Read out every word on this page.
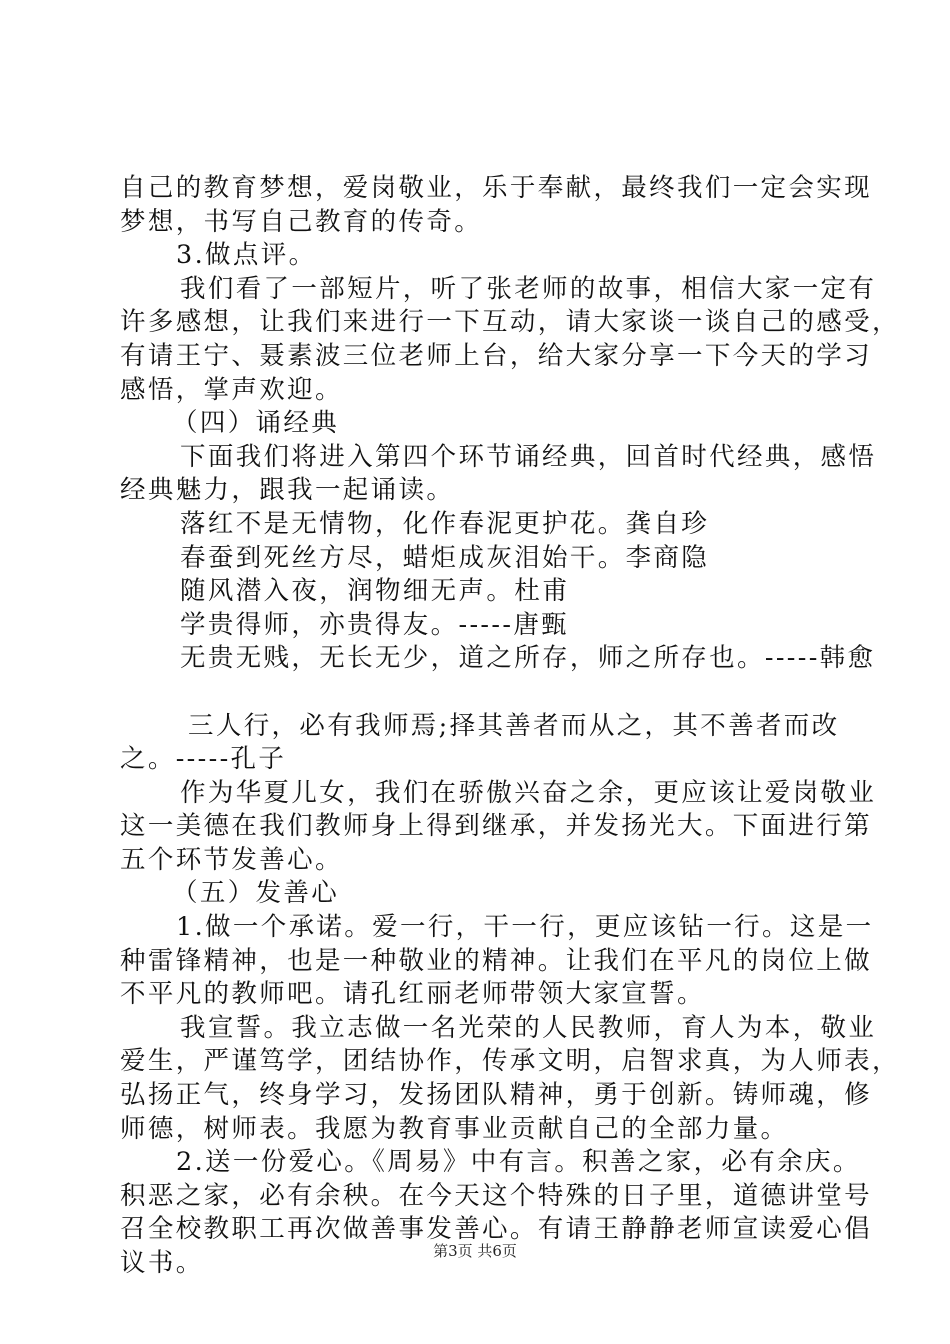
自己的教育梦想，爱岗敬业，乐于奉献，最终我们一定会实现
梦想，书写自己教育的传奇。
3.做点评。
我们看了一部短片，听了张老师的故事，相信大家一定有
许多感想，让我们来进行一下互动，请大家谈一谈自己的感受，
有请王宁、聂素波三位老师上台，给大家分享一下今天的学习
感悟，掌声欢迎。
（四）诵经典
下面我们将进入第四个环节诵经典，回首时代经典，感悟
经典魅力，跟我一起诵读。
落红不是无情物，化作春泥更护花。龚自珍
春蚕到死丝方尽，蜡炬成灰泪始干。李商隐
随风潜入夜，润物细无声。杜甫
学贵得师，亦贵得友。-----唐甄
无贵无贱，无长无少，道之所存，师之所存也。-----韩愈
三人行，必有我师焉;择其善者而从之，其不善者而改
之。-----孔子
作为华夏儿女，我们在骄傲兴奋之余，更应该让爱岗敬业
这一美德在我们教师身上得到继承，并发扬光大。下面进行第
五个环节发善心。
（五）发善心
1.做一个承诺。爱一行，干一行，更应该钻一行。这是一
种雷锋精神，也是一种敬业的精神。让我们在平凡的岗位上做
不平凡的教师吧。请孔红丽老师带领大家宣誓。
我宣誓。我立志做一名光荣的人民教师，育人为本，敬业
爱生，严谨笃学，团结协作，传承文明，启智求真，为人师表，
弘扬正气，终身学习，发扬团队精神，勇于创新。铸师魂，修
师德，树师表。我愿为教育事业贡献自己的全部力量。
2.送一份爱心。《周易》中有言。积善之家，必有余庆。
积恶之家，必有余秧。在今天这个特殊的日子里，道德讲堂号
召全校教职工再次做善事发善心。有请王静静老师宣读爱心倡
议书。	第3页 共6页
